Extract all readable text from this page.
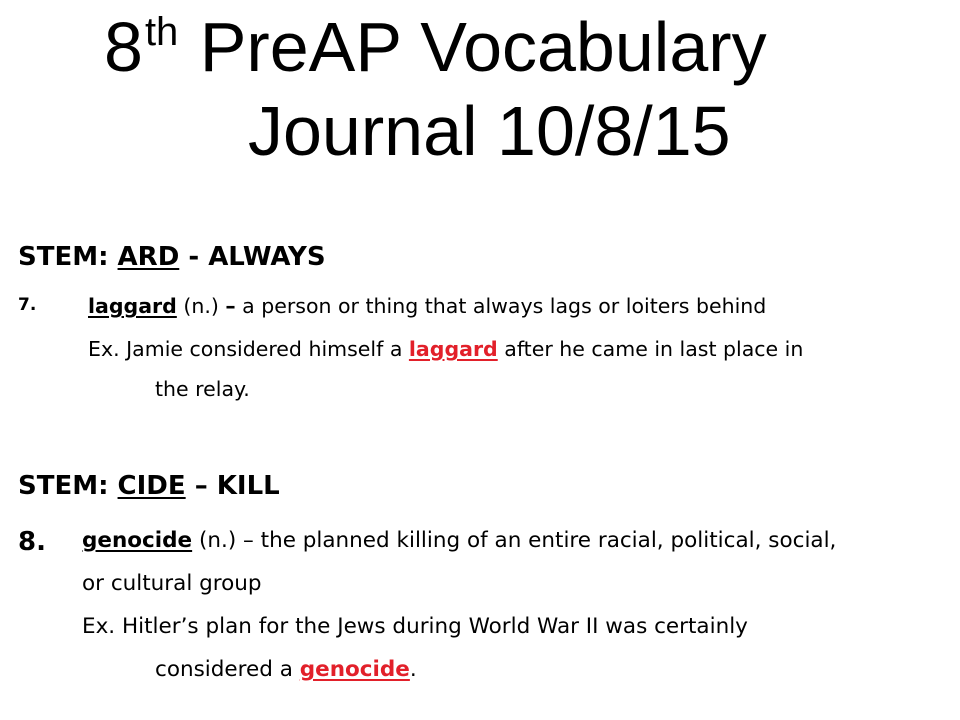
8th PreAP Vocabulary
Journal 10/8/15
STEM: ARD - ALWAYS
7.	laggard (n.) – a person or thing that always lags or loiters behind
Ex. Jamie considered himself a laggard after he came in last place in
the relay.
STEM: CIDE – KILL
8. genocide (n.) – the planned killing of an entire racial, political, social,
or cultural group
Ex. Hitler’s plan for the Jews during World War II was certainly
considered a genocide.
